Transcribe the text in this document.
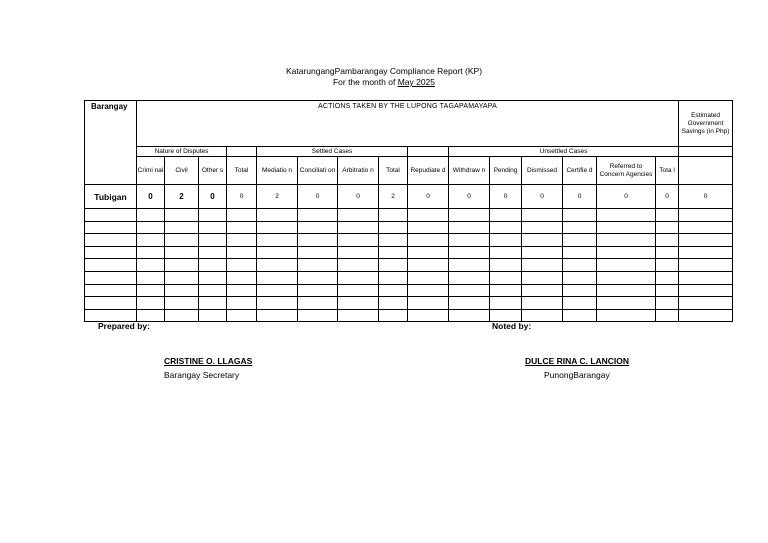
KatarungangPambarangay Compliance Report (KP)
For the month of May 2025
Barangay	ACTIONS TAKEN BY THE LUPONG TAGAPAMAYAPA															Estimated Government Savings (in Php)	
	Nature of Disputes				Settled Cases					Unsettled Cases							
	Crimi nal	Civil	Other s	Total	Mediatio n	Conciliati on	Arbitratio n	Total	Repudiate d	Withdraw n	Pending	Dismissed	Certifie d	Referred to Concern Agencies	Tota l		
Tubigan	0	2	0	0	2	0	0	2	0	0	0	0	0	0	0	0	

Prepared by:	Noted by:
CRISTINE O. LLAGAS
Barangay Secretary
DULCE RINA C. LANCION
PunongBarangay
